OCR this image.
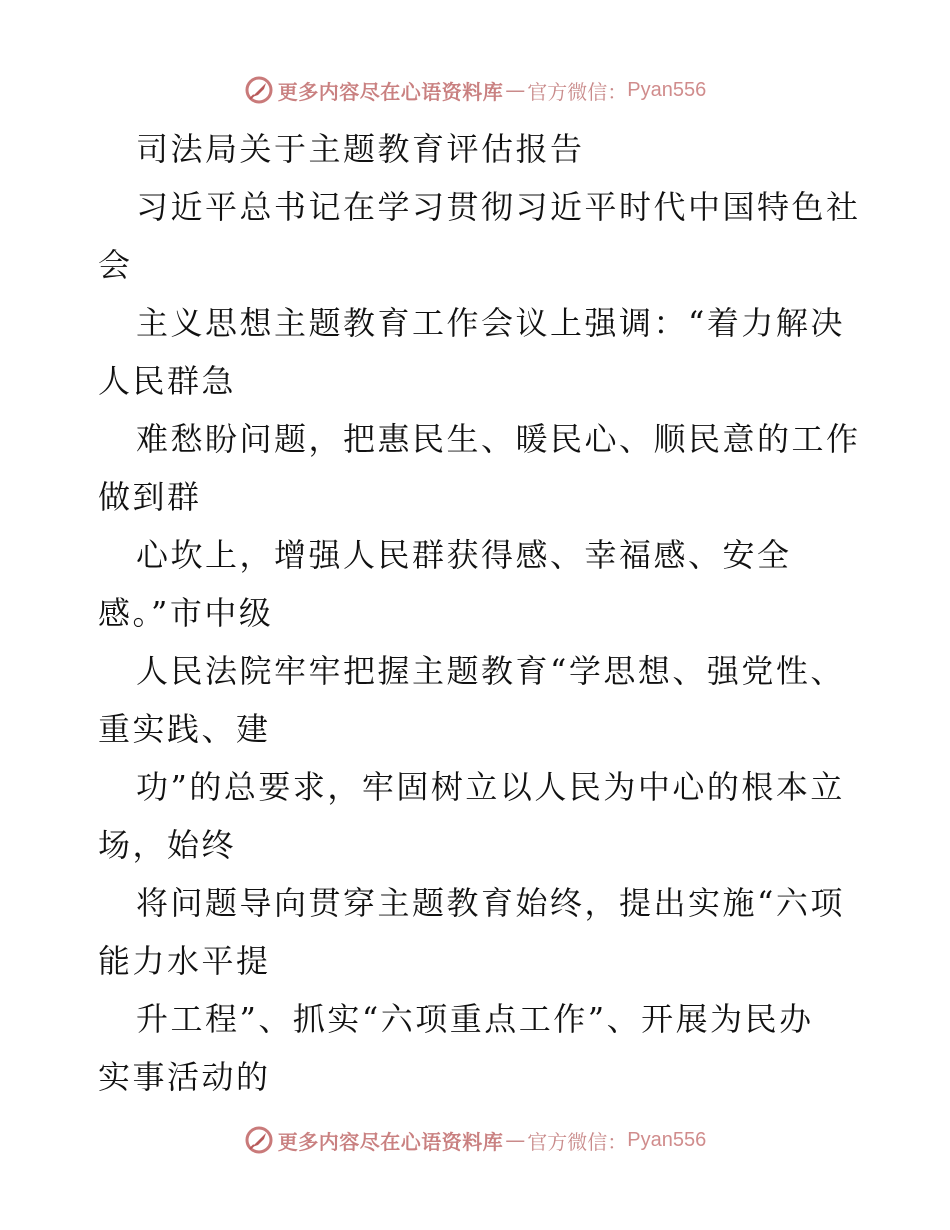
更多内容尽在心语资料库 — 官方微信： Pyan556
司法局关于主题教育评估报告
习近平总书记在学习贯彻习近平时代中国特色社
会
主义思想主题教育工作会议上强调：“着力解决
人民群急
难愁盼问题，把惠民生、暖民心、顺民意的工作
做到群
心坎上，增强人民群获得感、幸福感、安全
感。”市中级
人民法院牢牢把握主题教育“学思想、强党性、
重实践、建
功”的总要求，牢固树立以人民为中心的根本立
场，始终
将问题导向贯穿主题教育始终，提出实施“六项
能力水平提
升工程”、抓实“六项重点工作”、开展为民办
实事活动的
更多内容尽在心语资料库 — 官方微信： Pyan556
